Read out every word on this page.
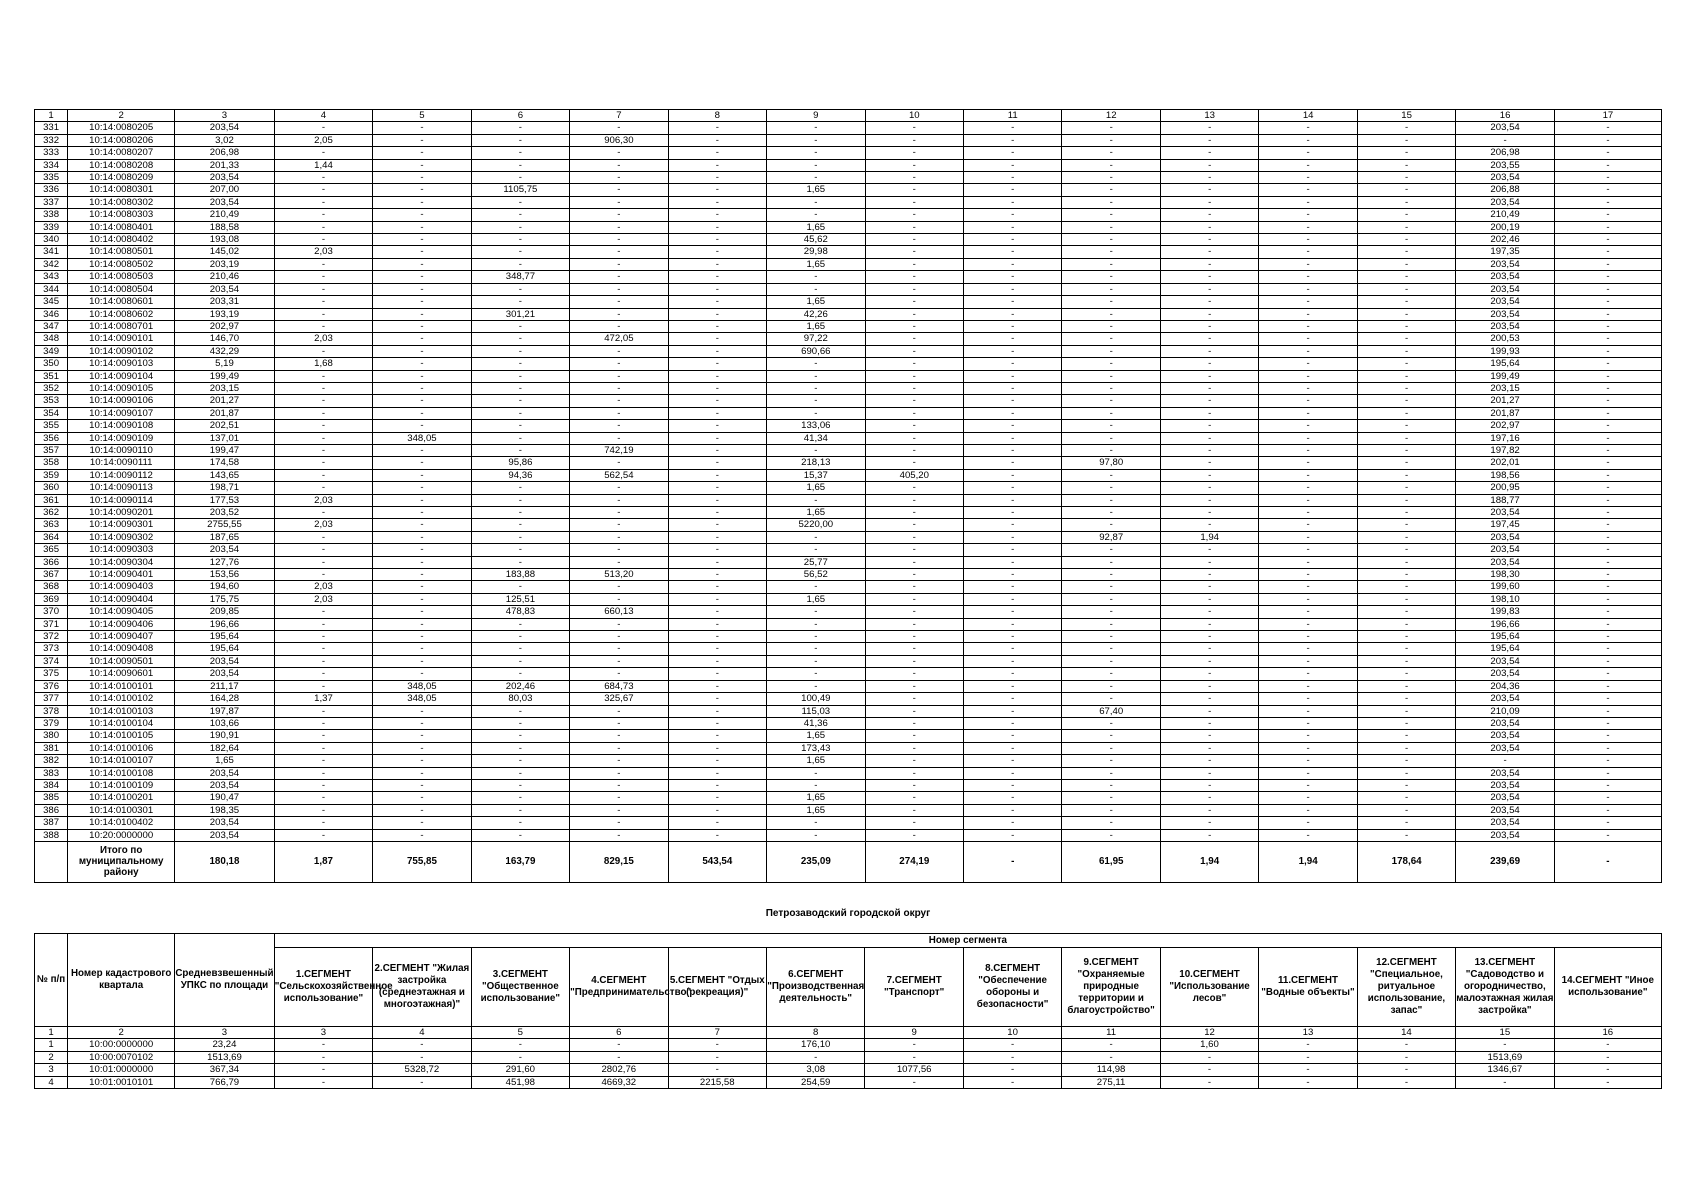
1	2	3	4	5	6	7	8	9	10	11	12	13	14	15	16	17
331	10:14:0080205	203,54	-	-	-	-	-	-	-	-	-	-	-	-	203,54	-
332	10:14:0080206	3,02	2,05	-	-	906,30	-	-	-	-	-	-	-	-	-	-
333	10:14:0080207	206,98	-	-	-	-	-	-	-	-	-	-	-	-	206,98	-
334	10:14:0080208	201,33	1,44	-	-	-	-	-	-	-	-	-	-	-	203,55	-
335	10:14:0080209	203,54	-	-	-	-	-	-	-	-	-	-	-	-	203,54	-
336	10:14:0080301	207,00	-	-	1105,75	-	-	1,65	-	-	-	-	-	-	206,88	-
337	10:14:0080302	203,54	-	-	-	-	-	-	-	-	-	-	-	-	203,54	-
338	10:14:0080303	210,49	-	-	-	-	-	-	-	-	-	-	-	-	210,49	-
339	10:14:0080401	188,58	-	-	-	-	-	1,65	-	-	-	-	-	-	200,19	-
340	10:14:0080402	193,08	-	-	-	-	-	45,62	-	-	-	-	-	-	202,46	-
341	10:14:0080501	145,02	2,03	-	-	-	-	29,98	-	-	-	-	-	-	197,35	-
342	10:14:0080502	203,19	-	-	-	-	-	1,65	-	-	-	-	-	-	203,54	-
343	10:14:0080503	210,46	-	-	348,77	-	-	-	-	-	-	-	-	-	203,54	-
344	10:14:0080504	203,54	-	-	-	-	-	-	-	-	-	-	-	-	203,54	-
345	10:14:0080601	203,31	-	-	-	-	-	1,65	-	-	-	-	-	-	203,54	-
346	10:14:0080602	193,19	-	-	301,21	-	-	42,26	-	-	-	-	-	-	203,54	-
347	10:14:0080701	202,97	-	-	-	-	-	1,65	-	-	-	-	-	-	203,54	-
348	10:14:0090101	146,70	2,03	-	-	472,05	-	97,22	-	-	-	-	-	-	200,53	-
349	10:14:0090102	432,29	-	-	-	-	-	690,66	-	-	-	-	-	-	199,93	-
350	10:14:0090103	5,19	1,68	-	-	-	-	-	-	-	-	-	-	-	195,64	-
351	10:14:0090104	199,49	-	-	-	-	-	-	-	-	-	-	-	-	199,49	-
352	10:14:0090105	203,15	-	-	-	-	-	-	-	-	-	-	-	-	203,15	-
353	10:14:0090106	201,27	-	-	-	-	-	-	-	-	-	-	-	-	201,27	-
354	10:14:0090107	201,87	-	-	-	-	-	-	-	-	-	-	-	-	201,87	-
355	10:14:0090108	202,51	-	-	-	-	-	133,06	-	-	-	-	-	-	202,97	-
356	10:14:0090109	137,01	-	348,05	-	-	-	41,34	-	-	-	-	-	-	197,16	-
357	10:14:0090110	199,47	-	-	-	742,19	-	-	-	-	-	-	-	-	197,82	-
358	10:14:0090111	174,58	-	-	95,86	-	-	218,13	-	-	97,80	-	-	-	202,01	-
359	10:14:0090112	143,65	-	-	94,36	562,54	-	15,37	405,20	-	-	-	-	-	198,56	-
360	10:14:0090113	198,71	-	-	-	-	-	1,65	-	-	-	-	-	-	200,95	-
361	10:14:0090114	177,53	2,03	-	-	-	-	-	-	-	-	-	-	-	188,77	-
362	10:14:0090201	203,52	-	-	-	-	-	1,65	-	-	-	-	-	-	203,54	-
363	10:14:0090301	2755,55	2,03	-	-	-	-	5220,00	-	-	-	-	-	-	197,45	-
364	10:14:0090302	187,65	-	-	-	-	-	-	-	-	92,87	1,94	-	-	203,54	-
365	10:14:0090303	203,54	-	-	-	-	-	-	-	-	-	-	-	-	203,54	-
366	10:14:0090304	127,76	-	-	-	-	-	25,77	-	-	-	-	-	-	203,54	-
367	10:14:0090401	153,56	-	-	183,88	513,20	-	56,52	-	-	-	-	-	-	198,30	-
368	10:14:0090403	194,60	2,03	-	-	-	-	-	-	-	-	-	-	-	199,60	-
369	10:14:0090404	175,75	2,03	-	125,51	-	-	1,65	-	-	-	-	-	-	198,10	-
370	10:14:0090405	209,85	-	-	478,83	660,13	-	-	-	-	-	-	-	-	199,83	-
371	10:14:0090406	196,66	-	-	-	-	-	-	-	-	-	-	-	-	196,66	-
372	10:14:0090407	195,64	-	-	-	-	-	-	-	-	-	-	-	-	195,64	-
373	10:14:0090408	195,64	-	-	-	-	-	-	-	-	-	-	-	-	195,64	-
374	10:14:0090501	203,54	-	-	-	-	-	-	-	-	-	-	-	-	203,54	-
375	10:14:0090601	203,54	-	-	-	-	-	-	-	-	-	-	-	-	203,54	-
376	10:14:0100101	211,17	-	348,05	202,46	684,73	-	-	-	-	-	-	-	-	204,36	-
377	10:14:0100102	164,28	1,37	348,05	80,03	325,67	-	100,49	-	-	-	-	-	-	203,54	-
378	10:14:0100103	197,87	-	-	-	-	-	115,03	-	-	67,40	-	-	-	210,09	-
379	10:14:0100104	103,66	-	-	-	-	-	41,36	-	-	-	-	-	-	203,54	-
380	10:14:0100105	190,91	-	-	-	-	-	1,65	-	-	-	-	-	-	203,54	-
381	10:14:0100106	182,64	-	-	-	-	-	173,43	-	-	-	-	-	-	203,54	-
382	10:14:0100107	1,65	-	-	-	-	-	1,65	-	-	-	-	-	-	-	-
383	10:14:0100108	203,54	-	-	-	-	-	-	-	-	-	-	-	-	203,54	-
384	10:14:0100109	203,54	-	-	-	-	-	-	-	-	-	-	-	-	203,54	-
385	10:14:0100201	190,47	-	-	-	-	-	1,65	-	-	-	-	-	-	203,54	-
386	10:14:0100301	198,35	-	-	-	-	-	1,65	-	-	-	-	-	-	203,54	-
387	10:14:0100402	203,54	-	-	-	-	-	-	-	-	-	-	-	-	203,54	-
388	10:20:0000000	203,54	-	-	-	-	-	-	-	-	-	-	-	-	203,54	-
	Итого по муниципальному району	180,18	1,87	755,85	163,79	829,15	543,54	235,09	274,19	-	61,95	1,94	1,94	178,64	239,69	-
Петрозаводский городской округ
№ п/п	Номер кадастрового квартала	Средневзвешенный УПКС по площади	Номер сегмента													
			1.СЕГМЕНТ "Сельскохозяйственное использование"	2.СЕГМЕНТ "Жилая застройка (среднеэтажная и многоэтажная)"	3.СЕГМЕНТ "Общественное использование"	4.СЕГМЕНТ "Предпринимательство"	5.СЕГМЕНТ "Отдых (рекреация)"	6.СЕГМЕНТ "Производственная деятельность"	7.СЕГМЕНТ "Транспорт"	8.СЕГМЕНТ "Обеспечение обороны и безопасности"	9.СЕГМЕНТ "Охраняемые природные территории и благоустройство"	10.СЕГМЕНТ "Использование лесов"	11.СЕГМЕНТ "Водные объекты"	12.СЕГМЕНТ "Специальное, ритуальное использование, запас"	13.СЕГМЕНТ "Садоводство и огородничество, малоэтажная жилая застройка"	14.СЕГМЕНТ "Иное использование"
1	2	3	3	4	5	6	7	8	9	10	11	12	13	14	15	16
1	10:00:0000000	23,24	-	-	-	-	-	176,10	-	-	-	1,60	-	-	-	-
2	10:00:0070102	1513,69	-	-	-	-	-	-	-	-	-	-	-	-	1513,69	-
3	10:01:0000000	367,34	-	5328,72	291,60	2802,76	-	3,08	1077,56	-	114,98	-	-	-	1346,67	-
4	10:01:0010101	766,79	-	-	451,98	4669,32	2215,58	254,59	-	-	275,11	-	-	-	-	-
